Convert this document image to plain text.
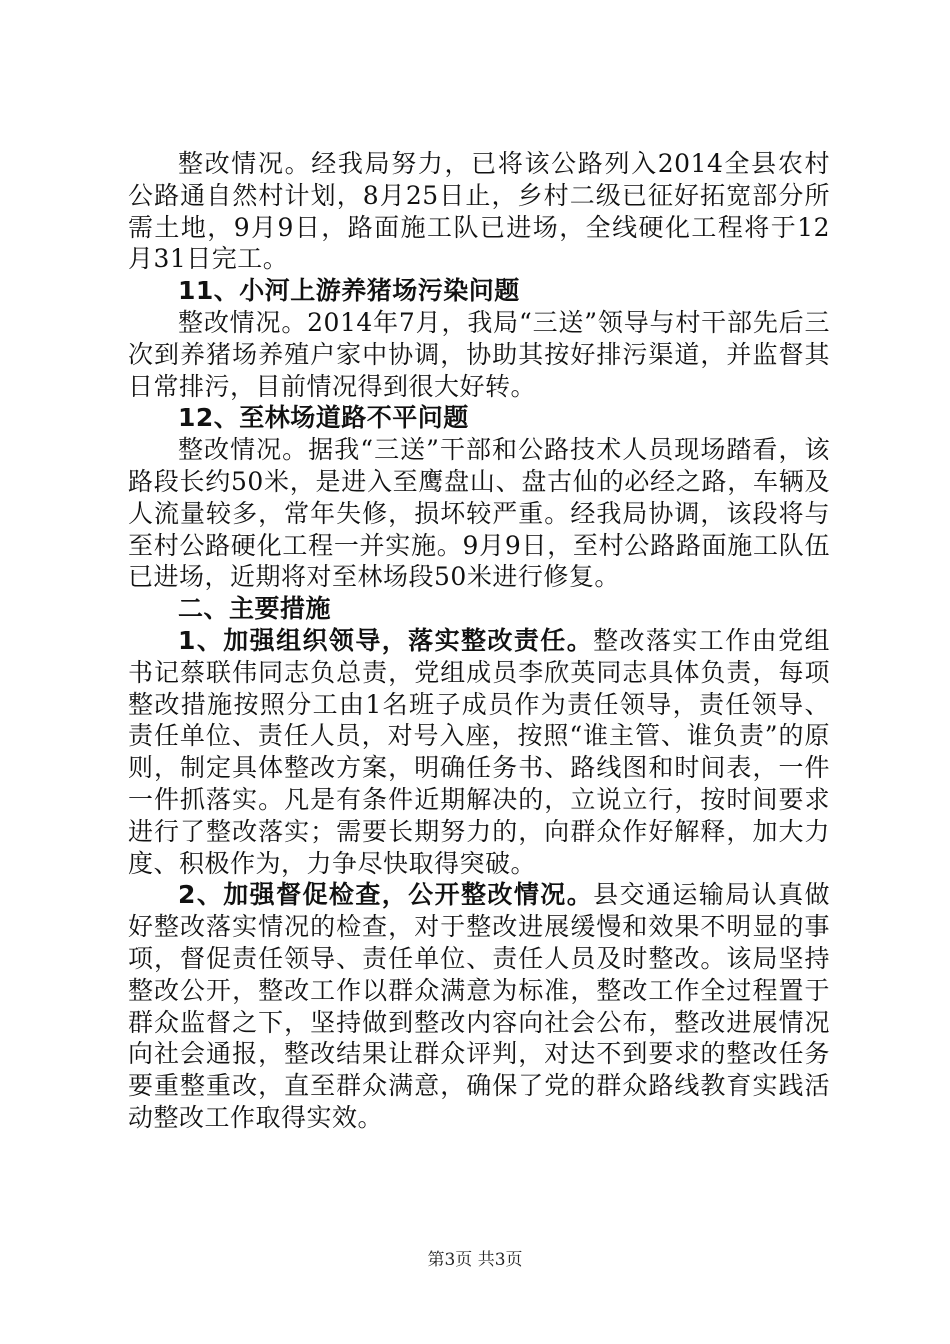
整改情况。经我局努力，已将该公路列入2014全县农村公路通自然村计划，8月25日止，乡村二级已征好拓宽部分所需土地，9月9日，路面施工队已进场，全线硬化工程将于12月31日完工。

11、小河上游养猪场污染问题

整改情况。2014年7月，我局“三送”领导与村干部先后三次到养猪场养殖户家中协调，协助其按好排污渠道，并监督其日常排污，目前情况得到很大好转。

12、至林场道路不平问题

整改情况。据我“三送”干部和公路技术人员现场踏看，该路段长约50米，是进入至鹰盘山、盘古仙的必经之路，车辆及人流量较多，常年失修，损坏较严重。经我局协调，该段将与至村公路硬化工程一并实施。9月9日，至村公路路面施工队伍已进场，近期将对至林场段50米进行修复。

二、主要措施

1、加强组织领导，落实整改责任。整改落实工作由党组书记蔡联伟同志负总责，党组成员李欣英同志具体负责，每项整改措施按照分工由1名班子成员作为责任领导，责任领导、责任单位、责任人员，对号入座，按照“谁主管、谁负责”的原则，制定具体整改方案，明确任务书、路线图和时间表，一件一件抓落实。凡是有条件近期解决的，立说立行，按时间要求进行了整改落实；需要长期努力的，向群众作好解释，加大力度、积极作为，力争尽快取得突破。

2、加强督促检查，公开整改情况。县交通运输局认真做好整改落实情况的检查，对于整改进展缓慢和效果不明显的事项，督促责任领导、责任单位、责任人员及时整改。该局坚持整改公开，整改工作以群众满意为标准，整改工作全过程置于群众监督之下，坚持做到整改内容向社会公布，整改进展情况向社会通报，整改结果让群众评判，对达不到要求的整改任务要重整重改，直至群众满意，确保了党的群众路线教育实践活动整改工作取得实效。

第3页 共3页
